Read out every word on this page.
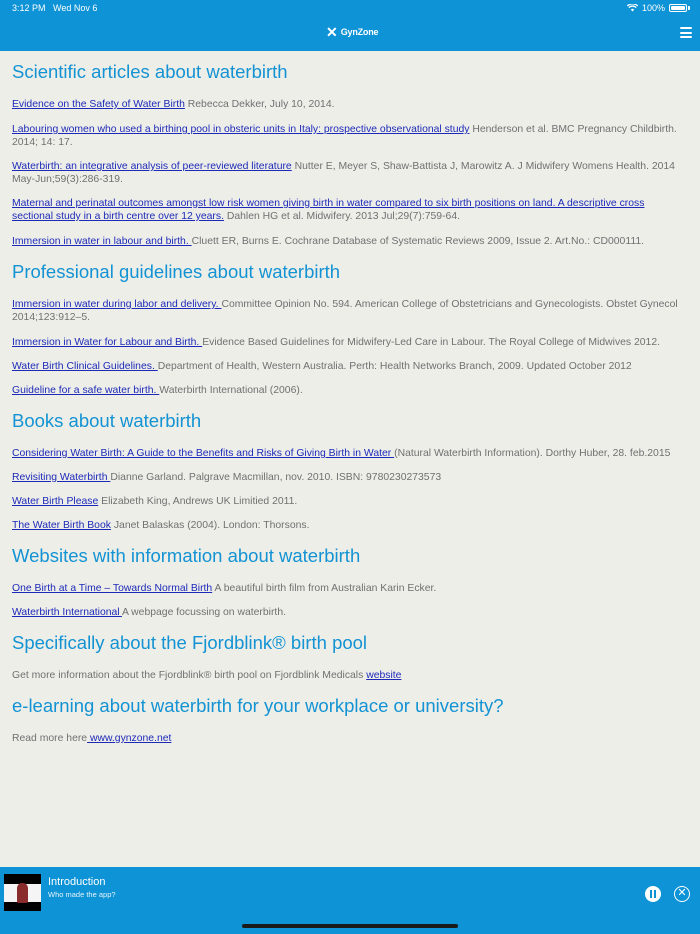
3:12 PM Wed Nov 6	100%
✕ GynZone
Scientific articles about waterbirth

Evidence on the Safety of Water Birth Rebecca Dekker, July 10, 2014.

Labouring women who used a birthing pool in obsteric units in Italy: prospective observational study Henderson et al. BMC Pregnancy Childbirth. 2014; 14: 17.

Waterbirth: an integrative analysis of peer-reviewed literature Nutter E, Meyer S, Shaw-Battista J, Marowitz A. J Midwifery Womens Health. 2014 May-Jun;59(3):286-319.

Maternal and perinatal outcomes amongst low risk women giving birth in water compared to six birth positions on land. A descriptive cross sectional study in a birth centre over 12 years. Dahlen HG et al. Midwifery. 2013 Jul;29(7):759-64.

Immersion in water in labour and birth. Cluett ER, Burns E. Cochrane Database of Systematic Reviews 2009, Issue 2. Art.No.: CD000111.

Professional guidelines about waterbirth

Immersion in water during labor and delivery. Committee Opinion No. 594. American College of Obstetricians and Gynecologists. Obstet Gynecol 2014;123:912–5.

Immersion in Water for Labour and Birth. Evidence Based Guidelines for Midwifery-Led Care in Labour. The Royal College of Midwives 2012.

Water Birth Clinical Guidelines. Department of Health, Western Australia. Perth: Health Networks Branch, 2009. Updated October 2012

Guideline for a safe water birth. Waterbirth International (2006).

Books about waterbirth

Considering Water Birth: A Guide to the Benefits and Risks of Giving Birth in Water (Natural Waterbirth Information). Dorthy Huber, 28. feb.2015

Revisiting Waterbirth Dianne Garland. Palgrave Macmillan, nov. 2010. ISBN: 9780230273573

Water Birth Please Elizabeth King, Andrews UK Limitied 2011.

The Water Birth Book Janet Balaskas (2004). London: Thorsons.

Websites with information about waterbirth

One Birth at a Time – Towards Normal Birth A beautiful birth film from Australian Karin Ecker.

Waterbirth International A webpage focussing on waterbirth.

Specifically about the Fjordblink® birth pool

Get more information about the Fjordblink® birth pool on Fjordblink Medicals website

e-learning about waterbirth for your workplace or university?

Read more here www.gynzone.net

Introduction
Who made the app?	✕
